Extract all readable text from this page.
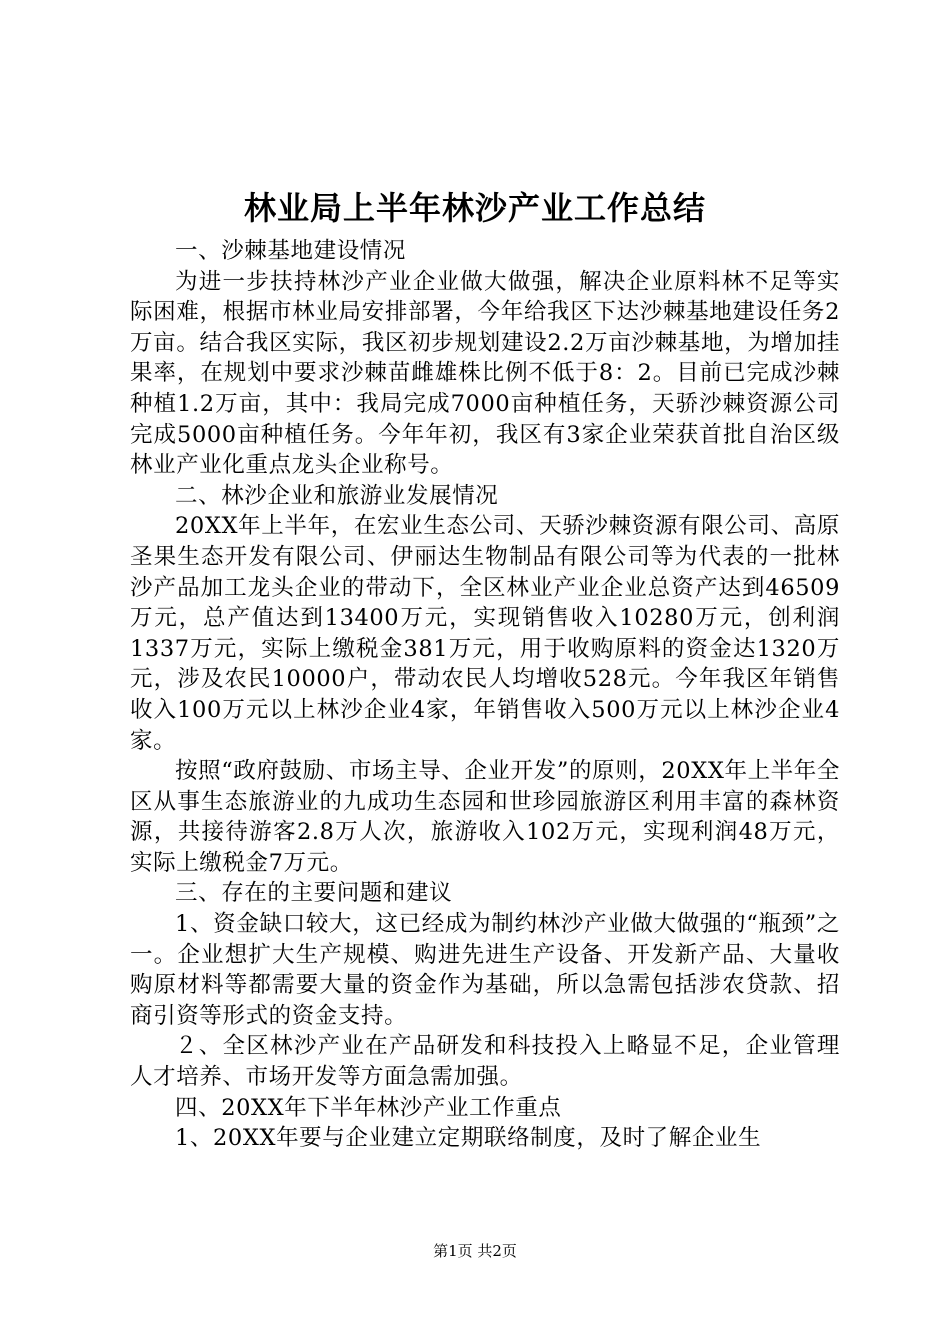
林业局上半年林沙产业工作总结

一、沙棘基地建设情况

为进一步扶持林沙产业企业做大做强，解决企业原料林不足等实际困难，根据市林业局安排部署，今年给我区下达沙棘基地建设任务2万亩。结合我区实际，我区初步规划建设2.2万亩沙棘基地，为增加挂果率，在规划中要求沙棘苗雌雄株比例不低于8：2。目前已完成沙棘种植1.2万亩，其中：我局完成7000亩种植任务，天骄沙棘资源公司完成5000亩种植任务。今年年初，我区有3家企业荣获首批自治区级林业产业化重点龙头企业称号。

二、林沙企业和旅游业发展情况

20XX年上半年，在宏业生态公司、天骄沙棘资源有限公司、高原圣果生态开发有限公司、伊丽达生物制品有限公司等为代表的一批林沙产品加工龙头企业的带动下，全区林业产业企业总资产达到46509万元，总产值达到13400万元，实现销售收入10280万元，创利润1337万元，实际上缴税金381万元，用于收购原料的资金达1320万元，涉及农民10000户，带动农民人均增收528元。今年我区年销售收入100万元以上林沙企业4家，年销售收入500万元以上林沙企业4家。

按照“政府鼓励、市场主导、企业开发”的原则，20XX年上半年全区从事生态旅游业的九成功生态园和世珍园旅游区利用丰富的森林资源，共接待游客2.8万人次，旅游收入102万元，实现利润48万元，实际上缴税金7万元。

三、存在的主要问题和建议

1、资金缺口较大，这已经成为制约林沙产业做大做强的“瓶颈”之一。企业想扩大生产规模、购进先进生产设备、开发新产品、大量收购原材料等都需要大量的资金作为基础，所以急需包括涉农贷款、招商引资等形式的资金支持。

２、全区林沙产业在产品研发和科技投入上略显不足，企业管理人才培养、市场开发等方面急需加强。

四、20XX年下半年林沙产业工作重点

1、20XX年要与企业建立定期联络制度，及时了解企业生

第1页 共2页
